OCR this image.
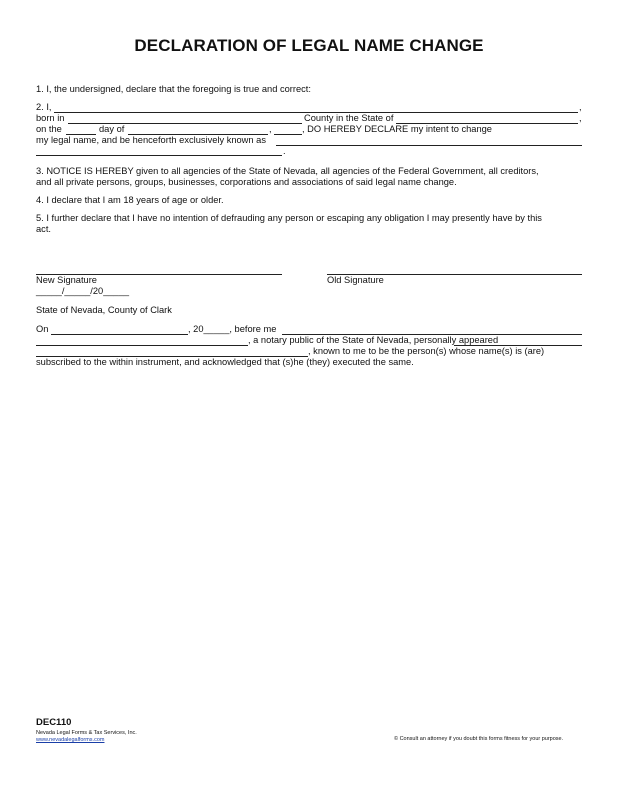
DECLARATION OF LEGAL NAME CHANGE
1. I, the undersigned, declare that the foregoing is true and correct:
2. I,	,
born in	County in the State of	,
on the	day of	,	, DO HEREBY DECLARE my intent to change
my legal name, and be henceforth exclusively known as
.
3. NOTICE IS HEREBY given to all agencies of the State of Nevada, all agencies of the Federal Government, all creditors,
and all private persons, groups, businesses, corporations and associations of said legal name change.
4. I declare that I am 18 years of age or older.
5. I further declare that I have no intention of defrauding any person or escaping any obligation I may presently have by this
act.
New Signature	Old Signature
_____/_____/20_____
State of Nevada, County of Clark
On	, 20_____, before me
, a notary public of the State of Nevada, personally appeared
, known to me to be the person(s) whose name(s) is (are)
subscribed to the within instrument, and acknowledged that (s)he (they) executed the same.
DEC110
Nevada Legal Forms & Tax Services, Inc.
www.nevadalegalforms.com	© Consult an attorney if you doubt this forms fitness for your purpose.
